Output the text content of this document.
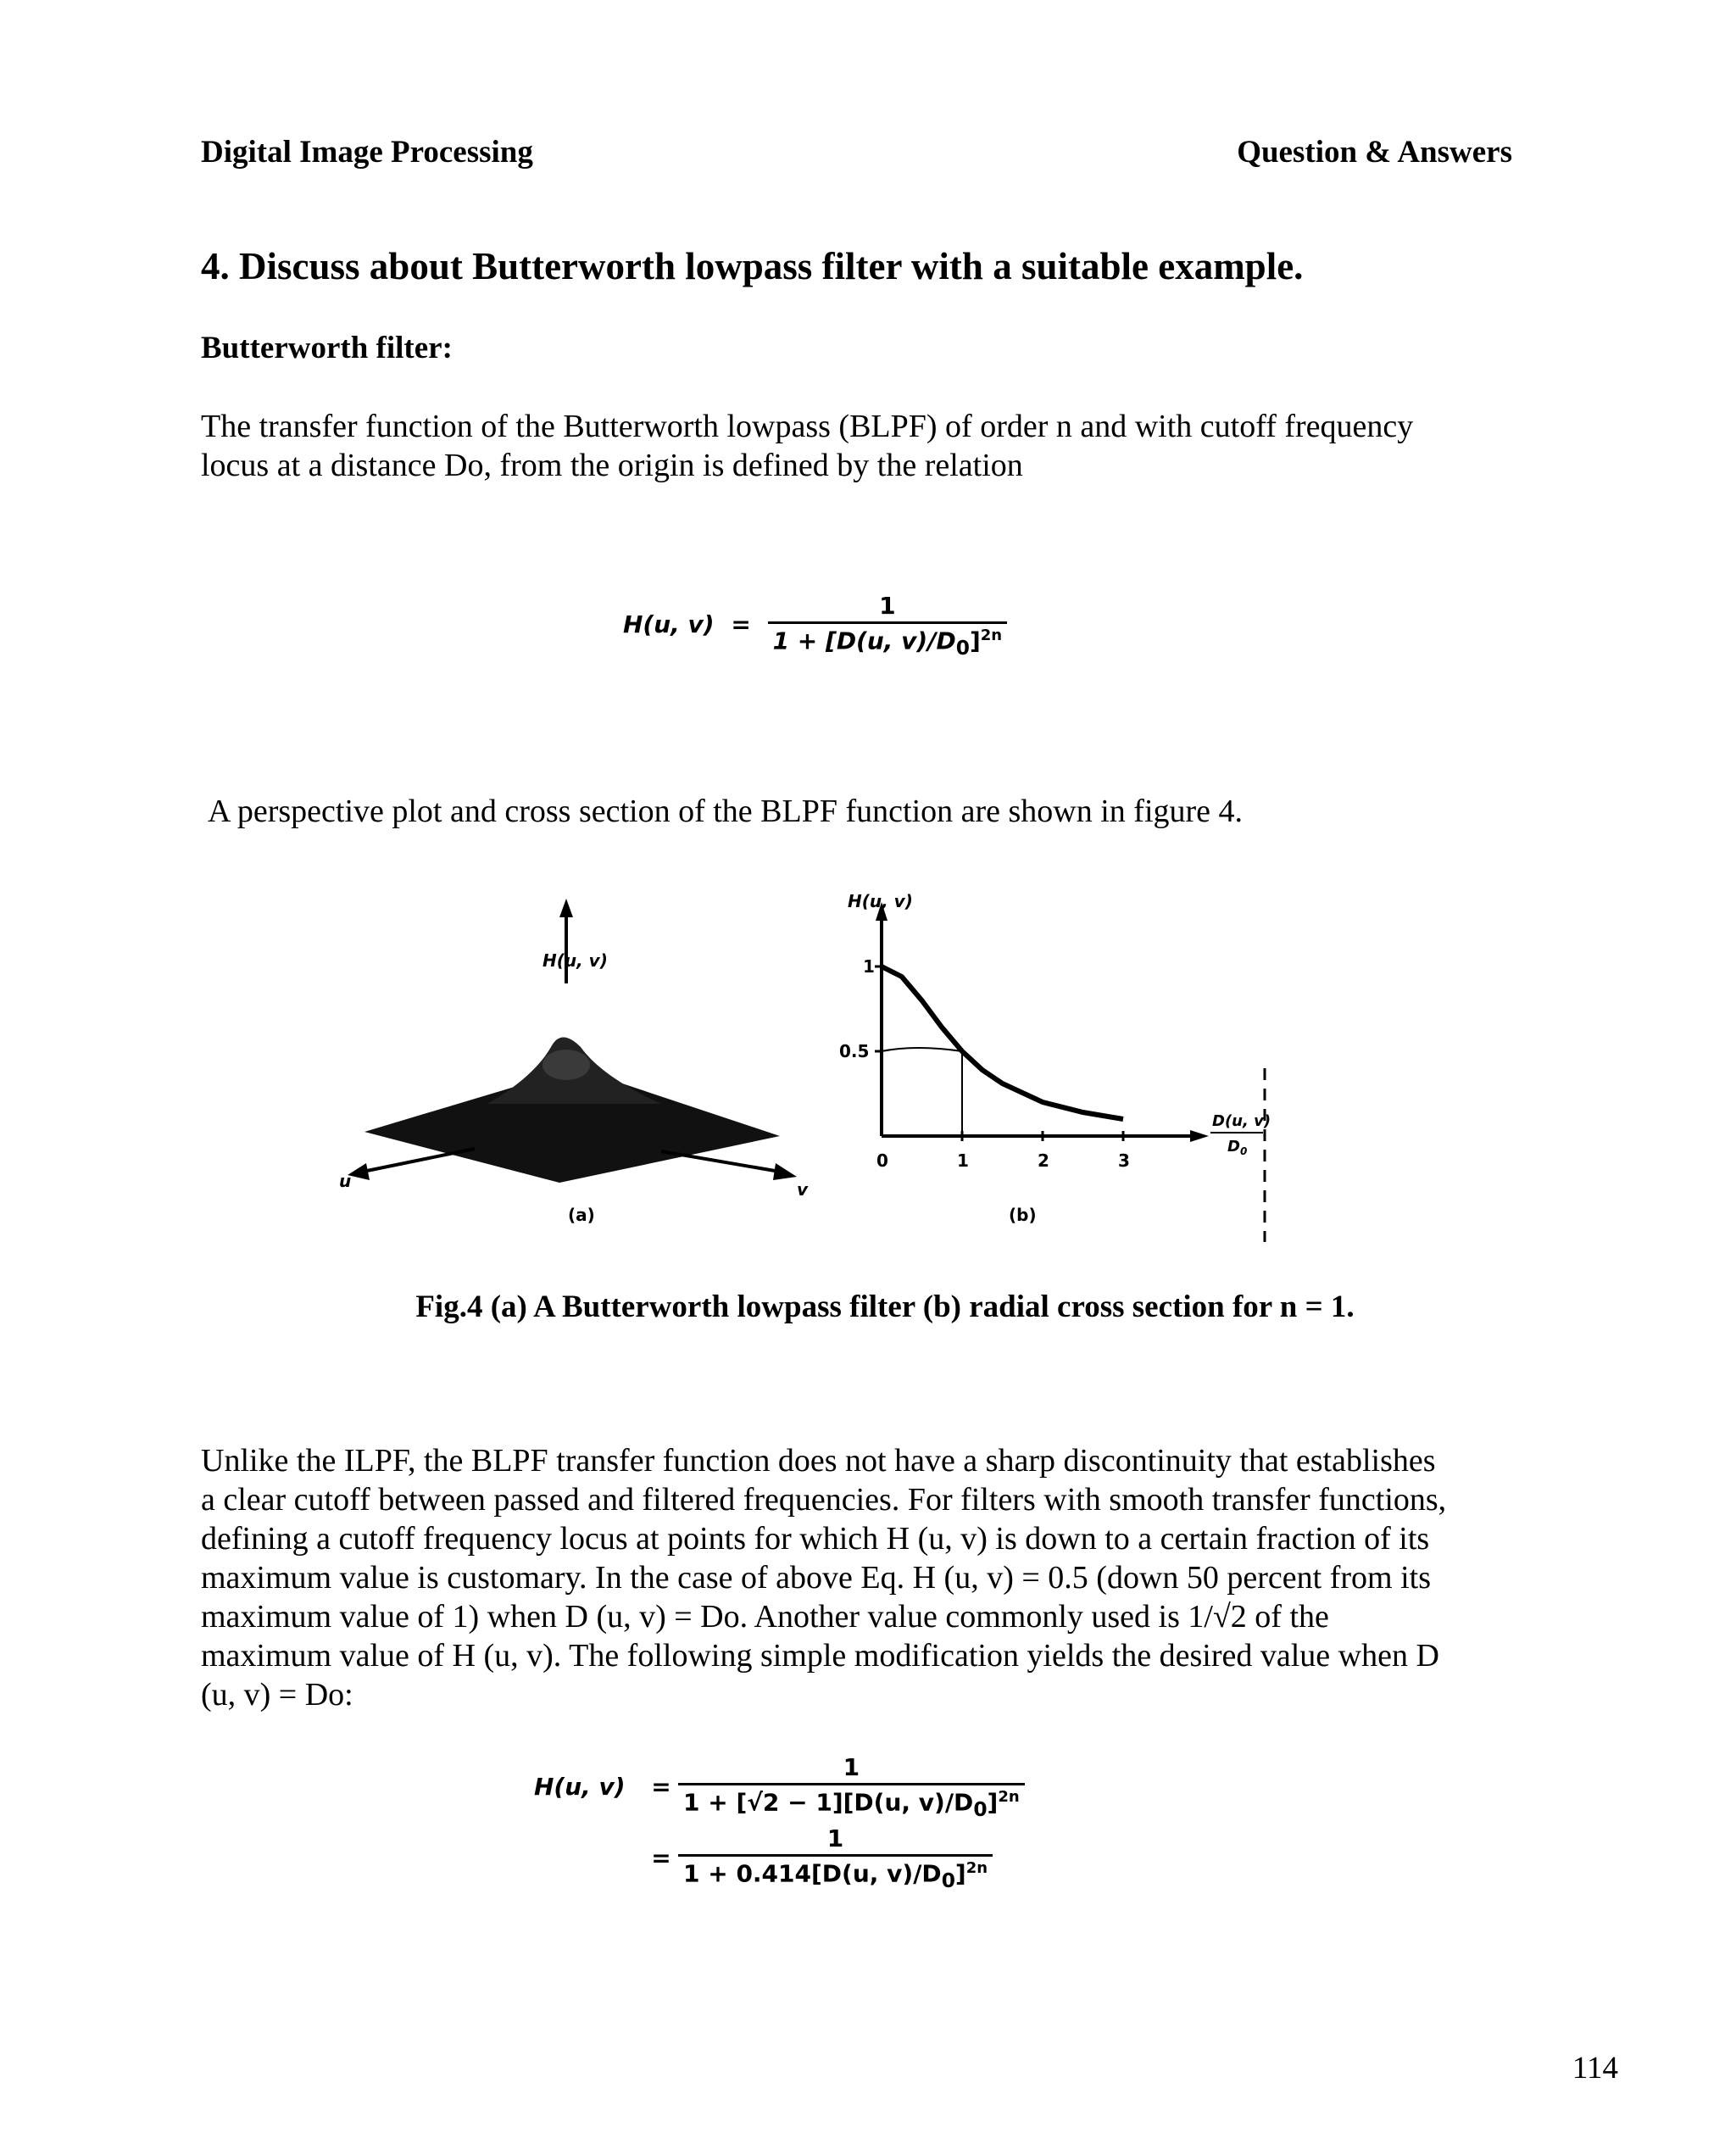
Digital Image Processing	Question & Answers
4. Discuss about Butterworth lowpass filter with a suitable example.
Butterworth filter:
The transfer function of the Butterworth lowpass (BLPF) of order n and with cutoff frequency
locus at a distance Do, from the origin is defined by the relation
H(u, $v) = \frac{1}{1 + [D(u, v)/D_0]^{2n}}$
A perspective plot and cross section of the BLPF function are shown in figure 4.
H(u, v)
u	v
(a)
0	1	2	3
1
0.5
H(u, v)
D(u, v)
$D_0$
(b)
Fig.4 (a) A Butterworth lowpass filter (b) radial cross section for n = 1.
Unlike the ILPF, the BLPF transfer function does not have a sharp discontinuity that establishes
a clear cutoff between passed and filtered frequencies. For filters with smooth transfer functions,
defining a cutoff frequency locus at points for which H (u, v) is down to a certain fraction of its
maximum value is customary. In the case of above Eq. H (u, v) = 0.5 (down 50 percent from its
maximum value of 1) when D (u, v) = Do. Another value commonly used is 1/√2 of the
maximum value of H (u, v). The following simple modification yields the desired value when D
(u, v) = Do:
H(u, v)	= $\frac{1}{1 + [√2 - 1][D(u, v)/D_0]^{2n}}$
= $\frac{1}{1 + 0.414[D(u, v)/D_0]^{2n}}$
114
